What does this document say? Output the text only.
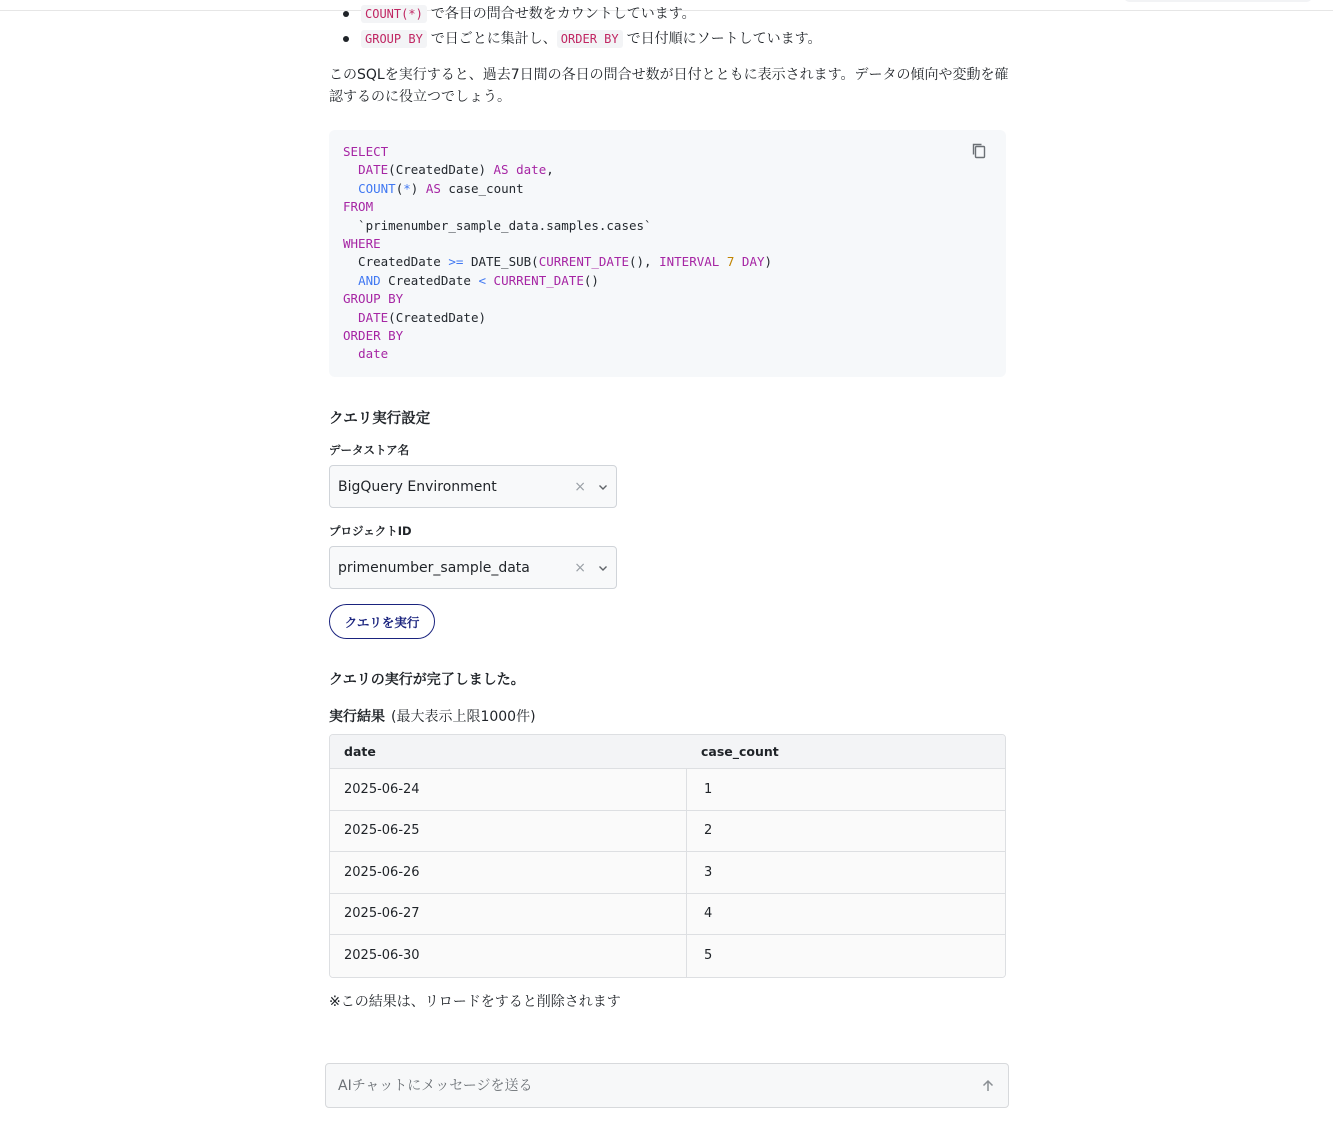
COUNT(*) で各日の問合せ数をカウントしています。
GROUP BY で日ごとに集計し、 ORDER BY で日付順にソートしています。

このSQLを実行すると、過去7日間の各日の問合せ数が日付とともに表示されます。データの傾向や変動を確認するのに役立つでしょう。

SELECT
DATE(CreatedDate) AS date,
COUNT(*) AS case_count
FROM
`primenumber_sample_data.samples.cases`
WHERE
CreatedDate >= DATE_SUB(CURRENT_DATE(), INTERVAL 7 DAY)
AND CreatedDate < CURRENT_DATE()
GROUP BY
DATE(CreatedDate)
ORDER BY
date
クエリ実行設定
データストア名
BigQuery Environment	×
プロジェクトID
primenumber_sample_data	×
クエリを実行
クエリの実行が完了しました。
実行結果 (最大表示上限1000件)
date	case_count
2025-06-24	1
2025-06-25	2
2025-06-26	3
2025-06-27	4
2025-06-30	5
※この結果は、リロードをすると削除されます
AIチャットにメッセージを送る
